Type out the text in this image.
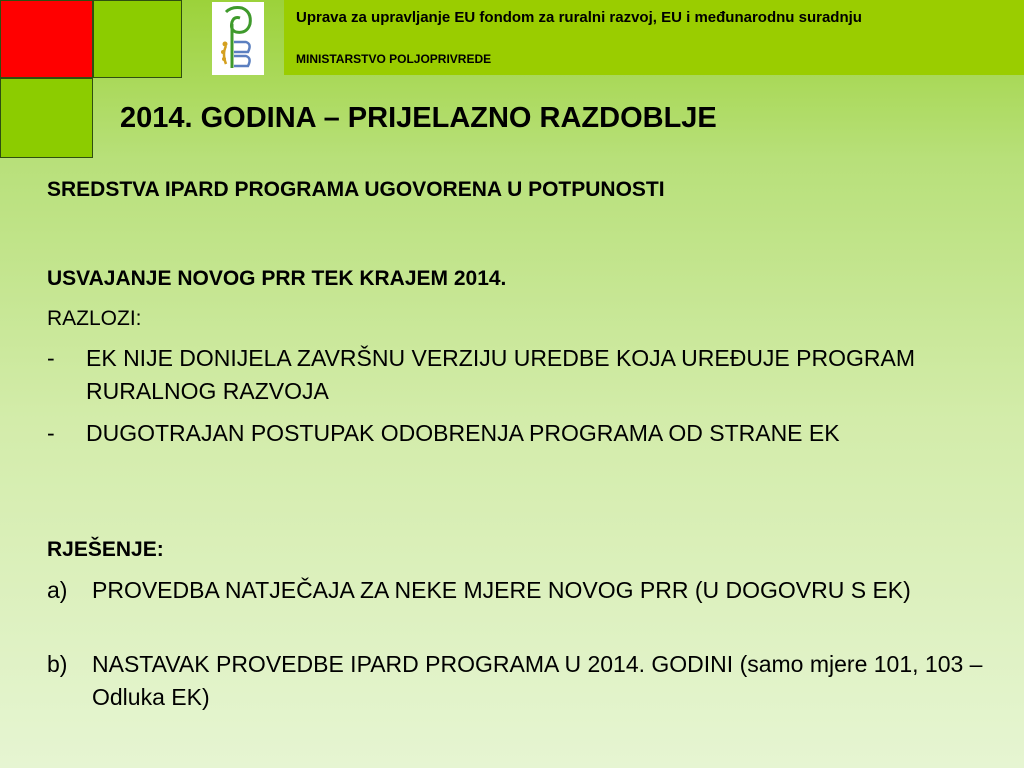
Uprava za upravljanje EU fondom za ruralni razvoj, EU i međunarodnu suradnju
MINISTARSTVO POLJOPRIVREDE
2014. GODINA – PRIJELAZNO RAZDOBLJE
SREDSTVA IPARD PROGRAMA UGOVORENA U POTPUNOSTI
USVAJANJE NOVOG PRR TEK KRAJEM 2014.
RAZLOZI:
-	EK NIJE DONIJELA ZAVRŠNU VERZIJU UREDBE KOJA UREĐUJE PROGRAM RURALNOG RAZVOJA
-	DUGOTRAJAN POSTUPAK ODOBRENJA PROGRAMA OD STRANE EK
RJEŠENJE:
a)	PROVEDBA NATJEČAJA ZA NEKE MJERE NOVOG PRR (U DOGOVRU S EK)
b)	NASTAVAK PROVEDBE IPARD PROGRAMA U 2014. GODINI (samo mjere 101, 103 – Odluka EK)
